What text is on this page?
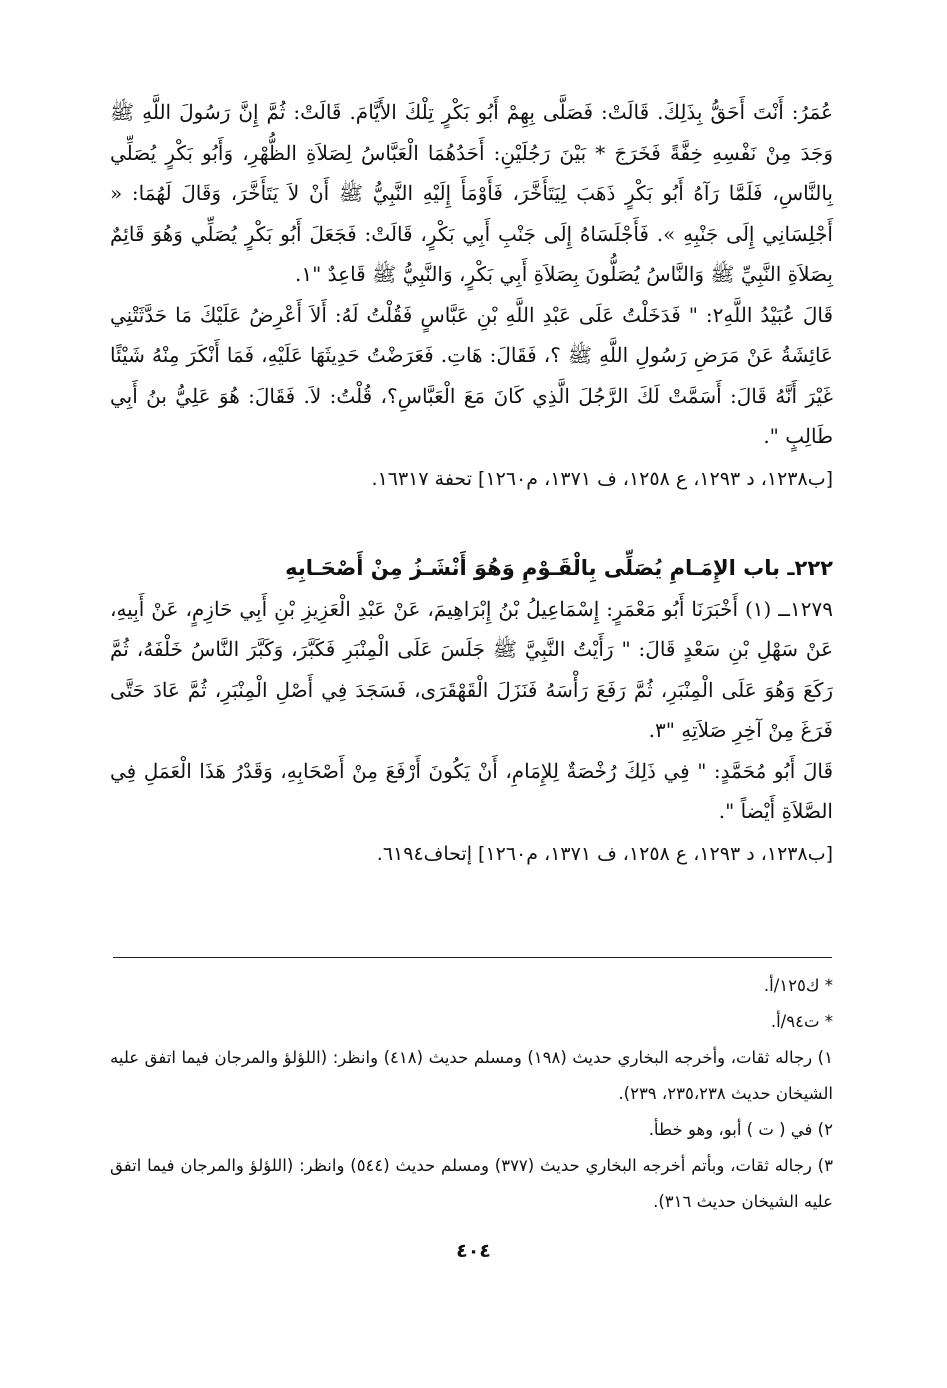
عُمَرُ: أَنْتَ أَحَقُّ بِذَلِكَ. قَالَتْ: فَصَلَّى بِهِمْ أَبُو بَكْرٍ تِلْكَ الأَيَّامَ. قَالَتْ: ثُمَّ إِنَّ رَسُولَ اللَّهِ ﷺ وَجَدَ مِنْ نَفْسِهِ خِفَّةً فَخَرَجَ * بَيْنَ رَجُلَيْنِ: أَحَدُهُمَا الْعَبَّاسُ لِصَلاَةِ الظُّهْرِ، وَأَبُو بَكْرٍ يُصَلِّي بِالنَّاسِ، فَلَمَّا رَآهُ أَبُو بَكْرٍ ذَهَبَ لِيَتَأَخَّرَ، فَأَوْمَأَ إِلَيْهِ النَّبِيُّ ﷺ أَنْ لاَ يَتَأَخَّرَ، وَقَالَ لَهُمَا: « أَجْلِسَانِي إِلَى جَنْبِهِ ». فَأَجْلَسَاهُ إِلَى جَنْبِ أَبِي بَكْرٍ، قَالَتْ: فَجَعَلَ أَبُو بَكْرٍ يُصَلِّي وَهُوَ قَائِمٌ بِصَلاَةِ النَّبِيِّ ﷺ وَالنَّاسُ يُصَلُّونَ بِصَلاَةِ أَبِي بَكْرٍ، وَالنَّبِيُّ ﷺ قَاعِدٌ "١.

قَالَ عُبَيْدُ اللَّهِ٢: " فَدَخَلْتُ عَلَى عَبْدِ اللَّهِ بْنِ عَبَّاسٍ فَقُلْتُ لَهُ: أَلاَ أَعْرِضُ عَلَيْكَ مَا حَدَّثَتْنِي عَائِشَةُ عَنْ مَرَضِ رَسُولِ اللَّهِ ﷺ ؟، فَقَالَ: هَاتِ. فَعَرَضْتُ حَدِيثَهَا عَلَيْهِ، فَمَا أَنْكَرَ مِنْهُ شَيْئًا غَيْرَ أَنَّهُ قَالَ: أَسَمَّتْ لَكَ الرَّجُلَ الَّذِي كَانَ مَعَ الْعَبَّاسِ؟، قُلْتُ: لاَ. فَقَالَ: هُوَ عَلِيُّ بنُ أَبِي طَالِبٍ ".

[ب١٢٣٨، د ١٢٩٣، ع ١٢٥٨، ف ١٣٧١، م١٢٦٠] تحفة ١٦٣١٧.

٢٢٢ـ باب الإِمَـامِ يُصَلِّى بِالْقَـوْمِ وَهُوَ أَنْشَـزُ مِنْ أَصْحَـابِهِ

١٢٧٩ــ (١) أَخْبَرَنَا أَبُو مَعْمَرٍ: إِسْمَاعِيلُ بْنُ إِبْرَاهِيمَ، عَنْ عَبْدِ الْعَزِيزِ بْنِ أَبِي حَازِمٍ، عَنْ أَبِيهِ، عَنْ سَهْلِ بْنِ سَعْدٍ قَالَ: " رَأَيْتُ النَّبِيَّ ﷺ جَلَسَ عَلَى الْمِنْبَرِ فَكَبَّرَ، وَكَبَّرَ النَّاسُ خَلْفَهُ، ثُمَّ رَكَعَ وَهُوَ عَلَى الْمِنْبَرِ، ثُمَّ رَفَعَ رَأْسَهُ فَنَزَلَ الْقَهْقَرَى، فَسَجَدَ فِي أَصْلِ الْمِنْبَرِ، ثُمَّ عَادَ حَتَّى فَرَغَ مِنْ آخِرِ صَلاَتِهِ "٣.

قَالَ أَبُو مُحَمَّدٍ: " فِي ذَلِكَ رُخْصَةٌ لِلإِمَامِ، أَنْ يَكُونَ أَرْفَعَ مِنْ أَصْحَابِهِ، وَقَدْرُ هَذَا الْعَمَلِ فِي الصَّلاَةِ أَيْضاً ".

[ب١٢٣٨، د ١٢٩٣، ع ١٢٥٨، ف ١٣٧١، م١٢٦٠] إتحاف٦١٩٤.

* ك١٢٥/أ.

* ت٩٤/أ.

١) رجاله ثقات، وأخرجه البخاري حديث (١٩٨) ومسلم حديث (٤١٨) وانظر: (اللؤلؤ والمرجان فيما اتفق عليه الشيخان حديث ٢٣٥،٢٣٨، ٢٣٩).

٢) في ( ت ) أبو، وهو خطأ.

٣) رجاله ثقات، وبأتم أخرجه البخاري حديث (٣٧٧) ومسلم حديث (٥٤٤) وانظر: (اللؤلؤ والمرجان فيما اتفق عليه الشيخان حديث ٣١٦).

٤٠٤
